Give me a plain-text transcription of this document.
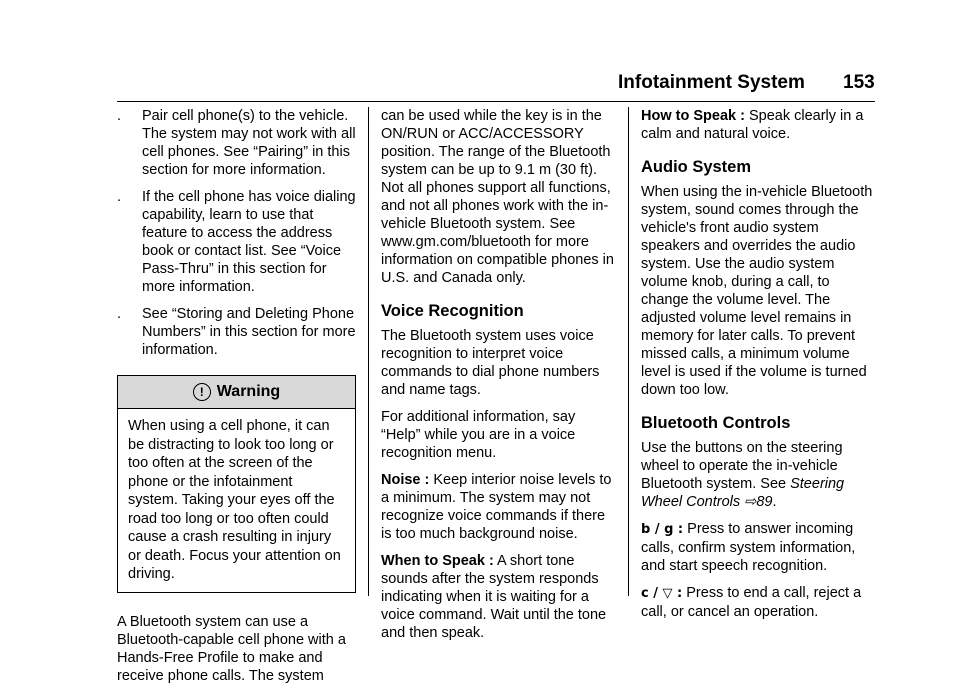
Infotainment System 153
. Pair cell phone(s) to the vehicle. The system may not work with all cell phones. See “Pairing” in this section for more information.
. If the cell phone has voice dialing capability, learn to use that feature to access the address book or contact list. See “Voice Pass-Thru” in this section for more information.
. See “Storing and Deleting Phone Numbers” in this section for more information.
! Warning
When using a cell phone, it can be distracting to look too long or too often at the screen of the phone or the infotainment system. Taking your eyes off the road too long or too often could cause a crash resulting in injury or death. Focus your attention on driving.

A Bluetooth system can use a Bluetooth-capable cell phone with a Hands-Free Profile to make and receive phone calls. The system

can be used while the key is in the ON/RUN or ACC/ACCESSORY position. The range of the Bluetooth system can be up to 9.1 m (30 ft). Not all phones support all functions, and not all phones work with the in-vehicle Bluetooth system. See www.gm.com/bluetooth for more information on compatible phones in U.S. and Canada only.

Voice Recognition

The Bluetooth system uses voice recognition to interpret voice commands to dial phone numbers and name tags.

For additional information, say “Help” while you are in a voice recognition menu.

Noise : Keep interior noise levels to a minimum. The system may not recognize voice commands if there is too much background noise.

When to Speak : A short tone sounds after the system responds indicating when it is waiting for a voice command. Wait until the tone and then speak.

How to Speak : Speak clearly in a calm and natural voice.

Audio System

When using the in-vehicle Bluetooth system, sound comes through the vehicle's front audio system speakers and overrides the audio system. Use the audio system volume knob, during a call, to change the volume level. The adjusted volume level remains in memory for later calls. To prevent missed calls, a minimum volume level is used if the volume is turned down too low.

Bluetooth Controls

Use the buttons on the steering wheel to operate the in-vehicle Bluetooth system. See Steering Wheel Controls ⇨89.

b / g : Press to answer incoming calls, confirm system information, and start speech recognition.

c / ▽ : Press to end a call, reject a call, or cancel an operation.
